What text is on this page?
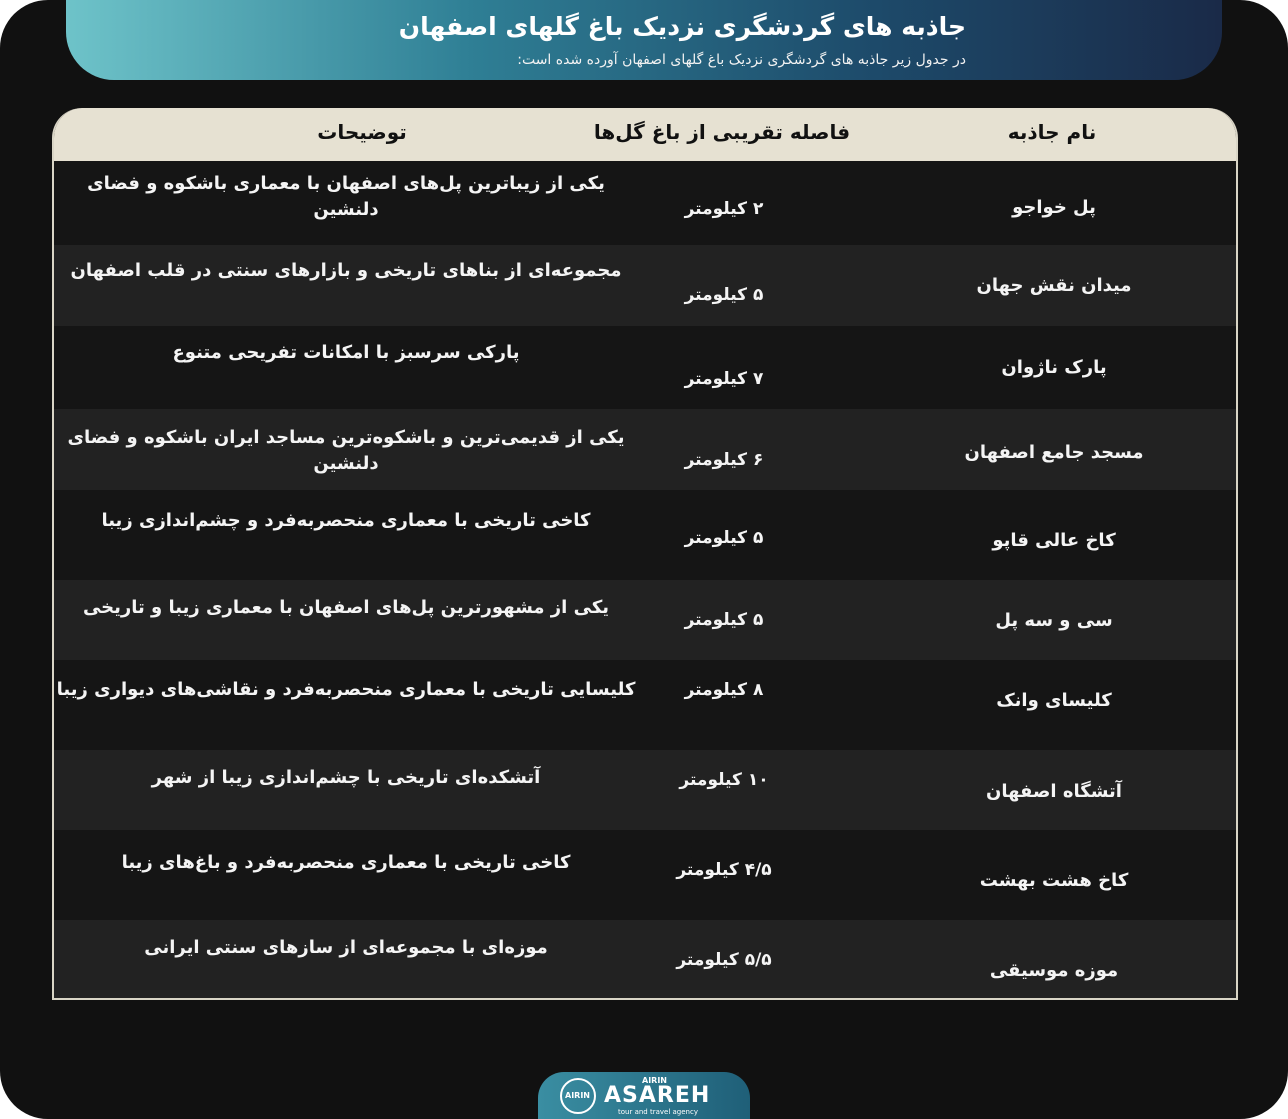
جاذبه های گردشگری نزدیک باغ گلهای اصفهان
در جدول زیر جاذبه های گردشگری نزدیک باغ گلهای اصفهان آورده شده است:
نام جاذبه
فاصله تقریبی از باغ گل‌ها
توضیحات
پل خواجو
۲ کیلومتر
یکی از زیباترین پل‌های اصفهان با معماری باشکوه و فضای دلنشین
میدان نقش جهان
۵ کیلومتر
مجموعه‌ای از بناهای تاریخی و بازارهای سنتی در قلب اصفهان
پارک ناژوان
۷ کیلومتر
پارکی سرسبز با امکانات تفریحی متنوع
مسجد جامع اصفهان
۶ کیلومتر
یکی از قدیمی‌ترین و باشکوه‌ترین مساجد ایران باشکوه و فضای دلنشین
کاخ عالی قاپو
۵ کیلومتر
کاخی تاریخی با معماری منحصربه‌فرد و چشم‌اندازی زیبا
سی و سه پل
۵ کیلومتر
یکی از مشهورترین پل‌های اصفهان با معماری زیبا و تاریخی
کلیسای وانک
۸ کیلومتر
کلیسایی تاریخی با معماری منحصربه‌فرد و نقاشی‌های دیواری زیبا
آتشگاه اصفهان
۱۰ کیلومتر
آتشکده‌ای تاریخی با چشم‌اندازی زیبا از شهر
کاخ هشت بهشت
۴/۵ کیلومتر
کاخی تاریخی با معماری منحصربه‌فرد و باغ‌های زیبا
موزه موسیقی
۵/۵ کیلومتر
موزه‌ای با مجموعه‌ای از سازهای سنتی ایرانی
AIRIN
AIRIN
ASAREH
tour and travel agency
